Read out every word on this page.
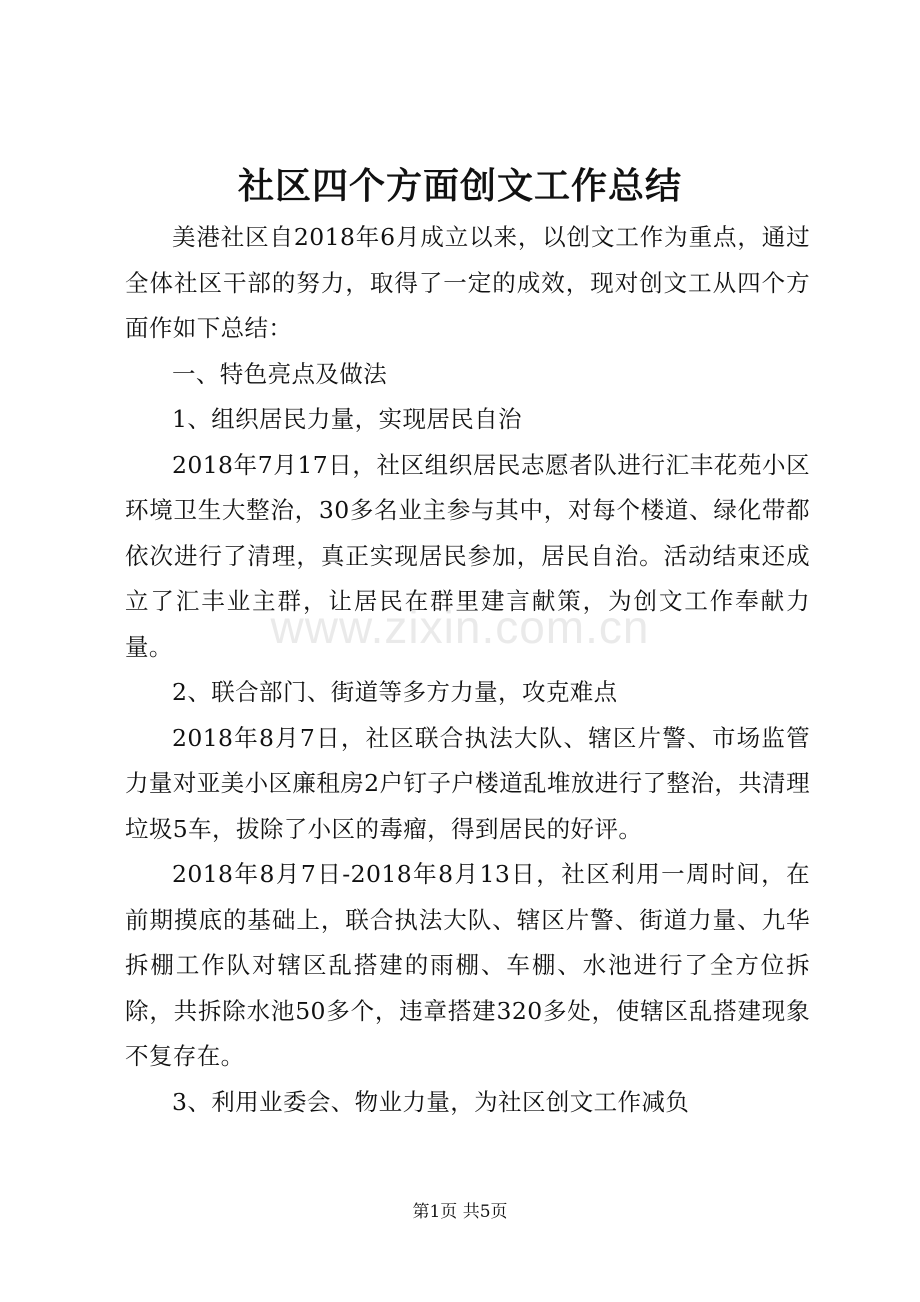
社区四个方面创文工作总结

美港社区自2018年6月成立以来，以创文工作为重点，通过全体社区干部的努力，取得了一定的成效，现对创文工从四个方面作如下总结：

一、特色亮点及做法

1、组织居民力量，实现居民自治

2018年7月17日，社区组织居民志愿者队进行汇丰花苑小区环境卫生大整治，30多名业主参与其中，对每个楼道、绿化带都依次进行了清理，真正实现居民参加，居民自治。活动结束还成立了汇丰业主群，让居民在群里建言献策，为创文工作奉献力量。

2、联合部门、街道等多方力量，攻克难点

2018年8月7日，社区联合执法大队、辖区片警、市场监管力量对亚美小区廉租房2户钉子户楼道乱堆放进行了整治，共清理垃圾5车，拔除了小区的毒瘤，得到居民的好评。

2018年8月7日-2018年8月13日，社区利用一周时间，在前期摸底的基础上，联合执法大队、辖区片警、街道力量、九华拆棚工作队对辖区乱搭建的雨棚、车棚、水池进行了全方位拆除，共拆除水池50多个，违章搭建320多处，使辖区乱搭建现象不复存在。

3、利用业委会、物业力量，为社区创文工作减负

www.zixin.com.cn
第1页 共5页
